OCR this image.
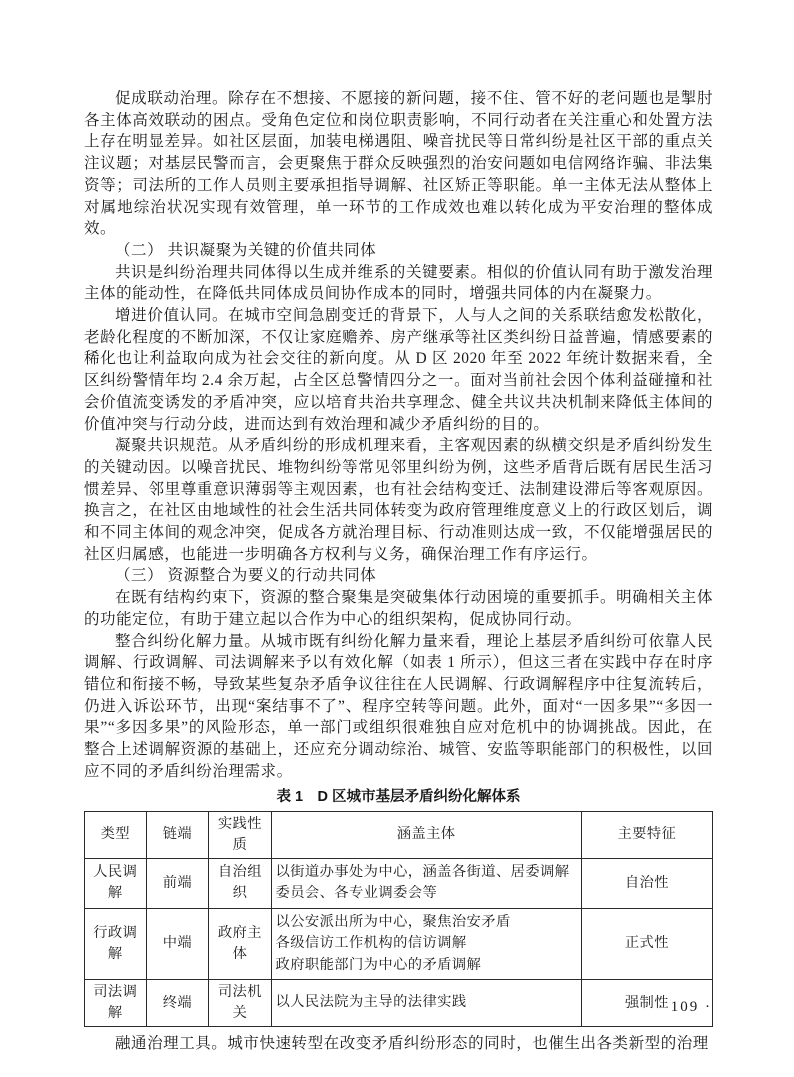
促成联动治理。除存在不想接、不愿接的新问题，接不住、管不好的老问题也是掣肘各主体高效联动的困点。受角色定位和岗位职责影响，不同行动者在关注重心和处置方法上存在明显差异。如社区层面，加装电梯遇阻、噪音扰民等日常纠纷是社区干部的重点关注议题；对基层民警而言，会更聚焦于群众反映强烈的治安问题如电信网络诈骗、非法集资等；司法所的工作人员则主要承担指导调解、社区矫正等职能。单一主体无法从整体上对属地综治状况实现有效管理，单一环节的工作成效也难以转化成为平安治理的整体成效。

（二） 共识凝聚为关键的价值共同体

共识是纠纷治理共同体得以生成并维系的关键要素。相似的价值认同有助于激发治理主体的能动性，在降低共同体成员间协作成本的同时，增强共同体的内在凝聚力。

增进价值认同。在城市空间急剧变迁的背景下，人与人之间的关系联结愈发松散化，老龄化程度的不断加深，不仅让家庭赡养、房产继承等社区类纠纷日益普遍，情感要素的稀化也让利益取向成为社会交往的新向度。从 D 区 2020 年至 2022 年统计数据来看，全区纠纷警情年均 2.4 余万起，占全区总警情四分之一。面对当前社会因个体利益碰撞和社会价值流变诱发的矛盾冲突，应以培育共治共享理念、健全共议共决机制来降低主体间的价值冲突与行动分歧，进而达到有效治理和减少矛盾纠纷的目的。

凝聚共识规范。从矛盾纠纷的形成机理来看，主客观因素的纵横交织是矛盾纠纷发生的关键动因。以噪音扰民、堆物纠纷等常见邻里纠纷为例，这些矛盾背后既有居民生活习惯差异、邻里尊重意识薄弱等主观因素，也有社会结构变迁、法制建设滞后等客观原因。换言之，在社区由地域性的社会生活共同体转变为政府管理维度意义上的行政区划后，调和不同主体间的观念冲突，促成各方就治理目标、行动准则达成一致，不仅能增强居民的社区归属感，也能进一步明确各方权利与义务，确保治理工作有序运行。

（三） 资源整合为要义的行动共同体

在既有结构约束下，资源的整合聚集是突破集体行动困境的重要抓手。明确相关主体的功能定位，有助于建立起以合作为中心的组织架构，促成协同行动。

整合纠纷化解力量。从城市既有纠纷化解力量来看，理论上基层矛盾纠纷可依靠人民调解、行政调解、司法调解来予以有效化解（如表 1 所示），但这三者在实践中存在时序错位和衔接不畅，导致某些复杂矛盾争议往往在人民调解、行政调解程序中往复流转后，仍进入诉讼环节，出现“案结事不了”、程序空转等问题。此外，面对“一因多果”“多因一果”“多因多果”的风险形态，单一部门或组织很难独自应对危机中的协调挑战。因此，在整合上述调解资源的基础上，还应充分调动综治、城管、安监等职能部门的积极性，以回应不同的矛盾纠纷治理需求。

表 1　D 区城市基层矛盾纠纷化解体系
类型	链端	实践性质	涵盖主体	主要特征
人民调解	前端	自治组织	以街道办事处为中心，涵盖各街道、居委调解委员会、各专业调委会等	自治性
行政调解	中端	政府主体	以公安派出所为中心，聚焦治安矛盾
各级信访工作机构的信访调解
政府职能部门为中心的矛盾调解	正式性
司法调解	终端	司法机关	以人民法院为主导的法律实践	强制性

融通治理工具。城市快速转型在改变矛盾纠纷形态的同时，也催生出各类新型的治理

· 109 ·
